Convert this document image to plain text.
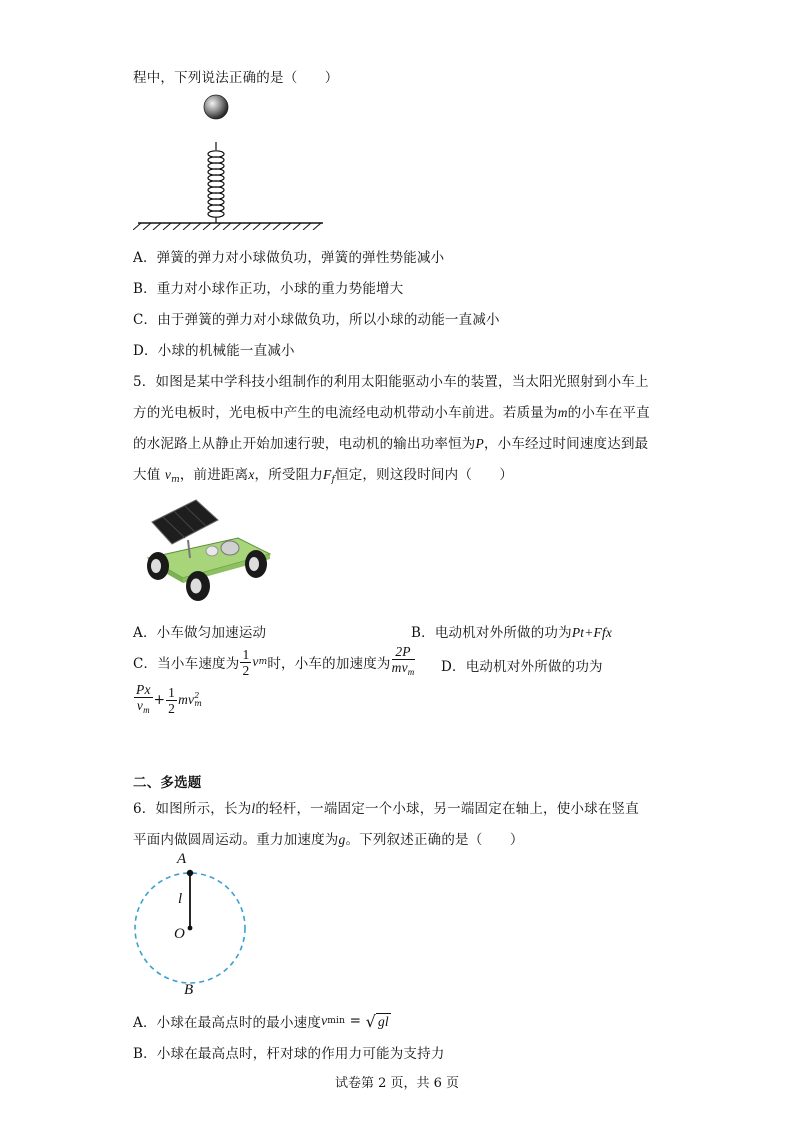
程中，下列说法正确的是（　　）
A．弹簧的弹力对小球做负功，弹簧的弹性势能减小
B．重力对小球作正功，小球的重力势能增大
C．由于弹簧的弹力对小球做负功，所以小球的动能一直减小
D．小球的机械能一直减小
5．如图是某中学科技小组制作的利用太阳能驱动小车的装置，当太阳光照射到小车上
方的光电板时，光电板中产生的电流经电动机带动小车前进。若质量为m的小车在平直
的水泥路上从静止开始加速行驶，电动机的输出功率恒为P，小车经过时间速度达到最
大值 $v_m$，前进距离x，所受阻力$F_f$恒定，则这段时间内（　　）
A．小车做匀加速运动	B．电动机对外所做的功为Pt+Ffx
C．当小车速度为 $\frac{1}{2}$ v m 时，小车的加速度为 $\frac{2P}{mv_m}$ D．电动机对外所做的功为
$\frac{Px}{v_m} + \frac{1}{2}$ mv 2
m
二、多选题
6．如图所示，长为l的轻杆，一端固定一个小球，另一端固定在轴上，使小球在竖直
平面内做圆周运动。重力加速度为g。下列叙述正确的是（　　）
A
l
O
B
A．小球在最高点时的最小速度 v min = √ gl
B．小球在最高点时，杆对球的作用力可能为支持力
试卷第 2 页，共 6 页
